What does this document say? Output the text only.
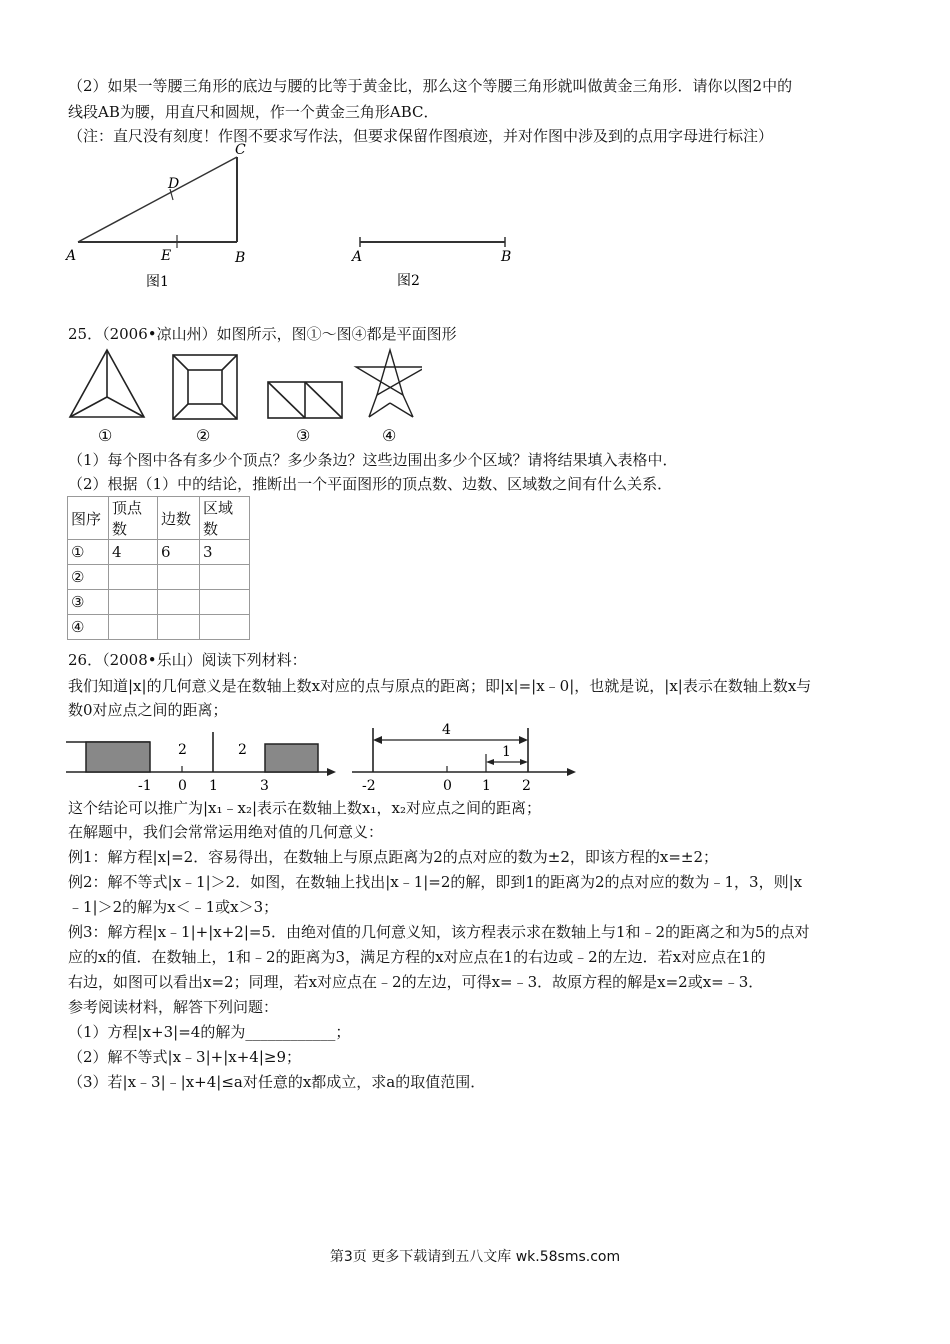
（2）如果一等腰三角形的底边与腰的比等于黄金比，那么这个等腰三角形就叫做黄金三角形．请你以图2中的
线段AB为腰，用直尺和圆规，作一个黄金三角形ABC．
（注：直尺没有刻度！作图不要求写作法，但要求保留作图痕迹，并对作图中涉及到的点用字母进行标注）
C
D
E
A	B
图1
A	B
图2
25．（2006•凉山州）如图所示，图①～图④都是平面图形
①	②	③	④
（1）每个图中各有多少个顶点？多少条边？这些边围出多少个区域？请将结果填入表格中．
（2）根据（1）中的结论，推断出一个平面图形的顶点数、边数、区域数之间有什么关系．
图序	顶点数	边数	区域数
①	4	6	3
②			
③			
④			
26．（2008•乐山）阅读下列材料：
我们知道|x|的几何意义是在数轴上数x对应的点与原点的距离；即|x|=|x﹣0|，也就是说，|x|表示在数轴上数x与
数0对应点之间的距离；
2	2
-1 0 1	3
4
1
-2	0 1 2
这个结论可以推广为|x₁﹣x₂|表示在数轴上数x₁，x₂对应点之间的距离；
在解题中，我们会常常运用绝对值的几何意义：
例1：解方程|x|=2．容易得出，在数轴上与原点距离为2的点对应的数为±2，即该方程的x=±2；
例2：解不等式|x﹣1|＞2．如图，在数轴上找出|x﹣1|=2的解，即到1的距离为2的点对应的数为﹣1，3，则|x
﹣1|＞2的解为x＜﹣1或x＞3；
例3：解方程|x﹣1|+|x+2|=5．由绝对值的几何意义知，该方程表示求在数轴上与1和﹣2的距离之和为5的点对
应的x的值．在数轴上，1和﹣2的距离为3，满足方程的x对应点在1的右边或﹣2的左边．若x对应点在1的
右边，如图可以看出x=2；同理，若x对应点在﹣2的左边，可得x=﹣3．故原方程的解是x=2或x=﹣3．
参考阅读材料，解答下列问题：
（1）方程|x+3|=4的解为____________；
（2）解不等式|x﹣3|+|x+4|≥9；
（3）若|x﹣3|﹣|x+4|≤a对任意的x都成立，求a的取值范围．
第3页 更多下载请到五八文库 wk.58sms.com
